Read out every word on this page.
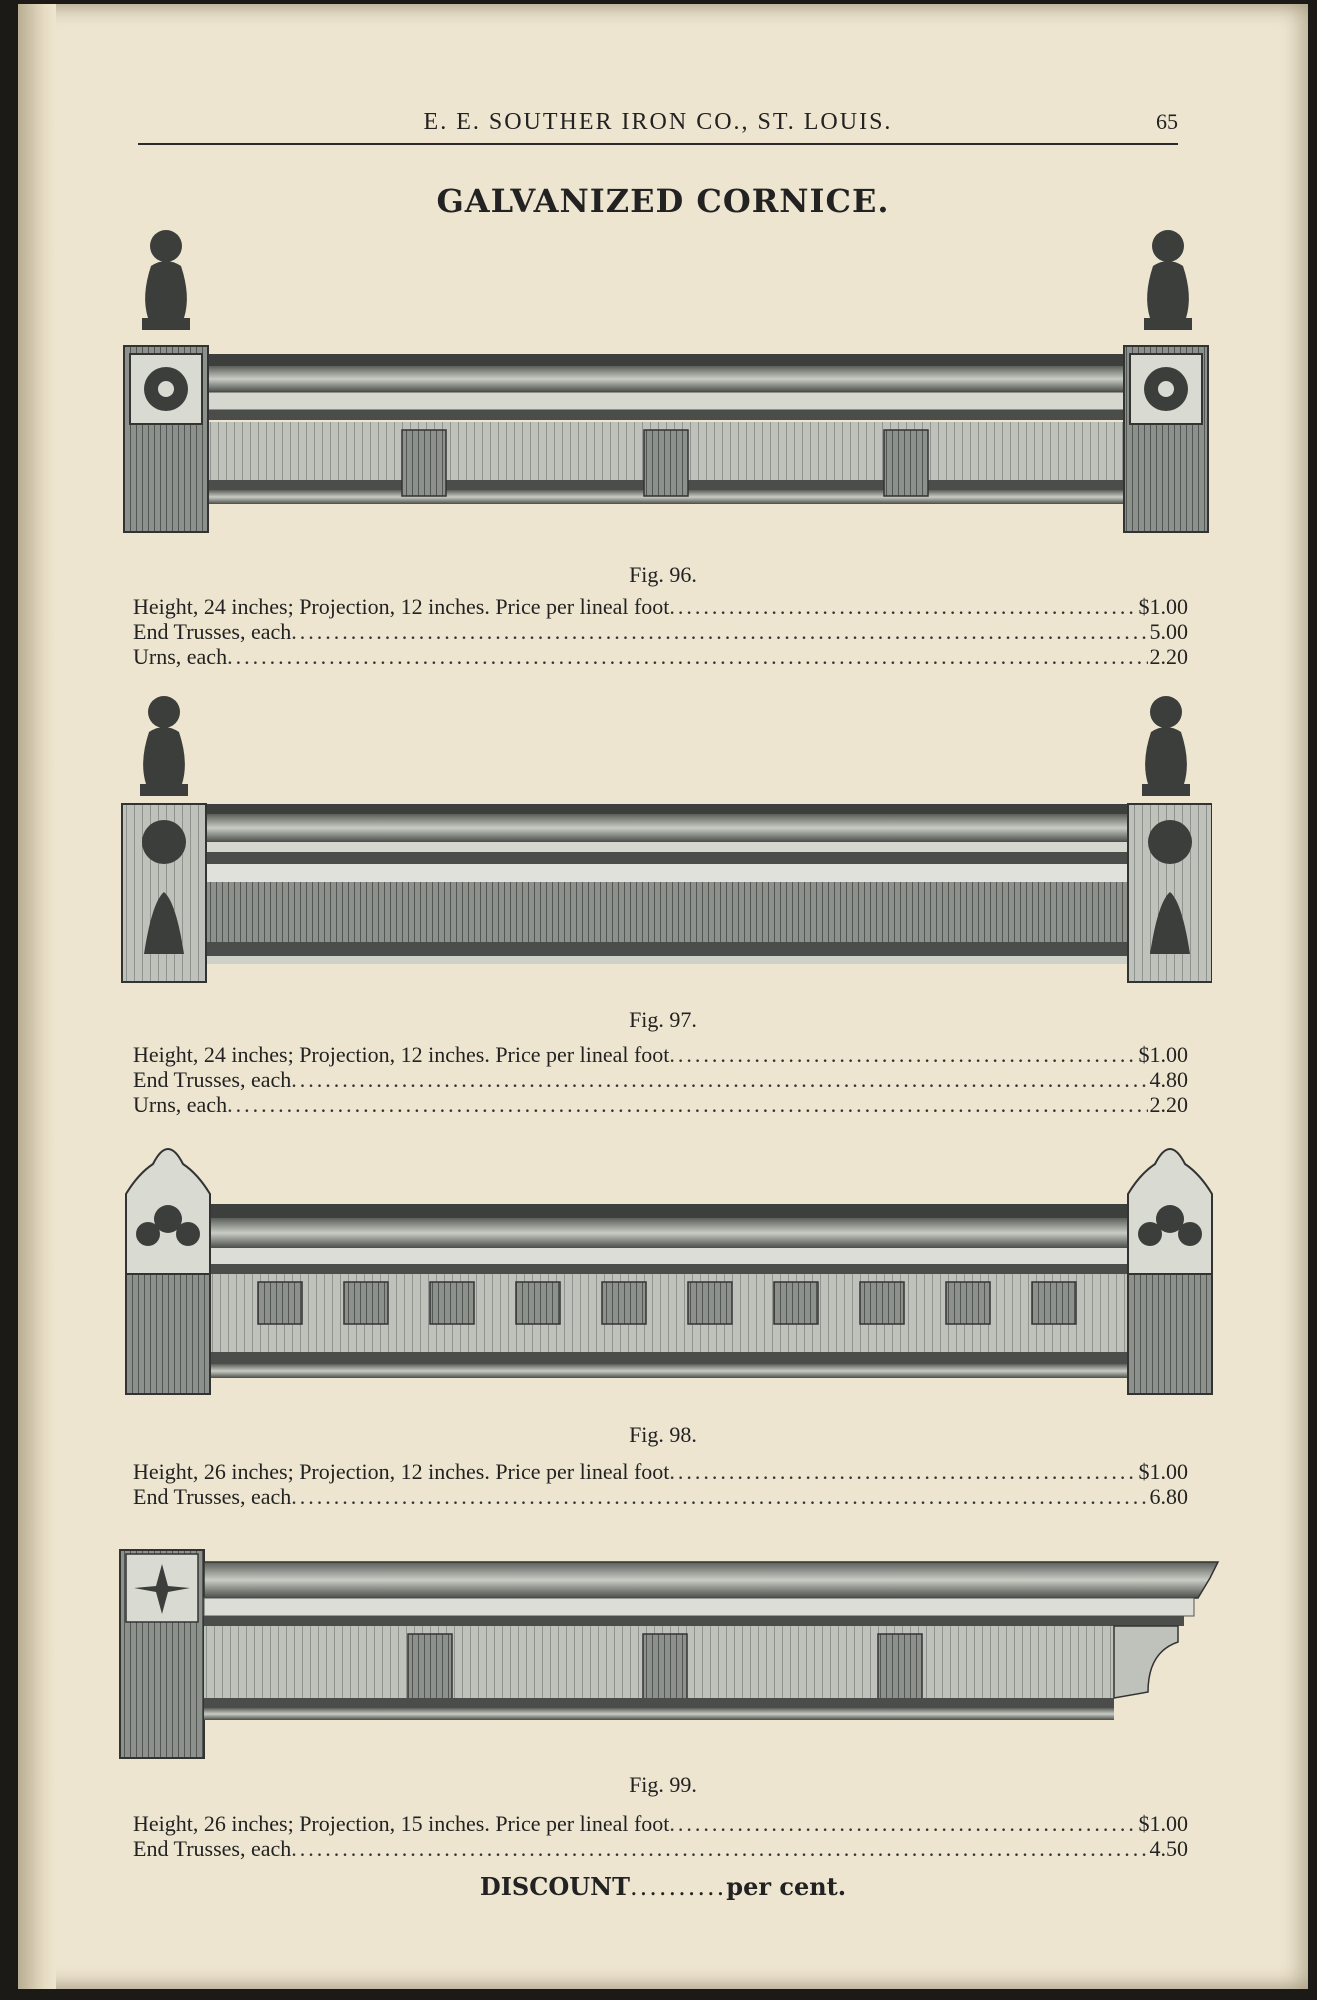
E. E. SOUTHER IRON CO., ST. LOUIS.	65
GALVANIZED CORNICE.
Fig. 96.
Height, 24 inches; Projection, 12 inches. Price per lineal foot .....	$1.00
End Trusses, each .....	5.00
Urns, each .....	2.20
Fig. 97.
Height, 24 inches; Projection, 12 inches. Price per lineal foot .....	$1.00
End Trusses, each .....	4.80
Urns, each .....	2.20
Fig. 98.
Height, 26 inches; Projection, 12 inches. Price per lineal foot .....	$1.00
End Trusses, each .....	6.80
Fig. 99.
Height, 26 inches; Projection, 15 inches. Price per lineal foot .....	$1.00
End Trusses, each .....	4.50
DISCOUNT..........per cent.
